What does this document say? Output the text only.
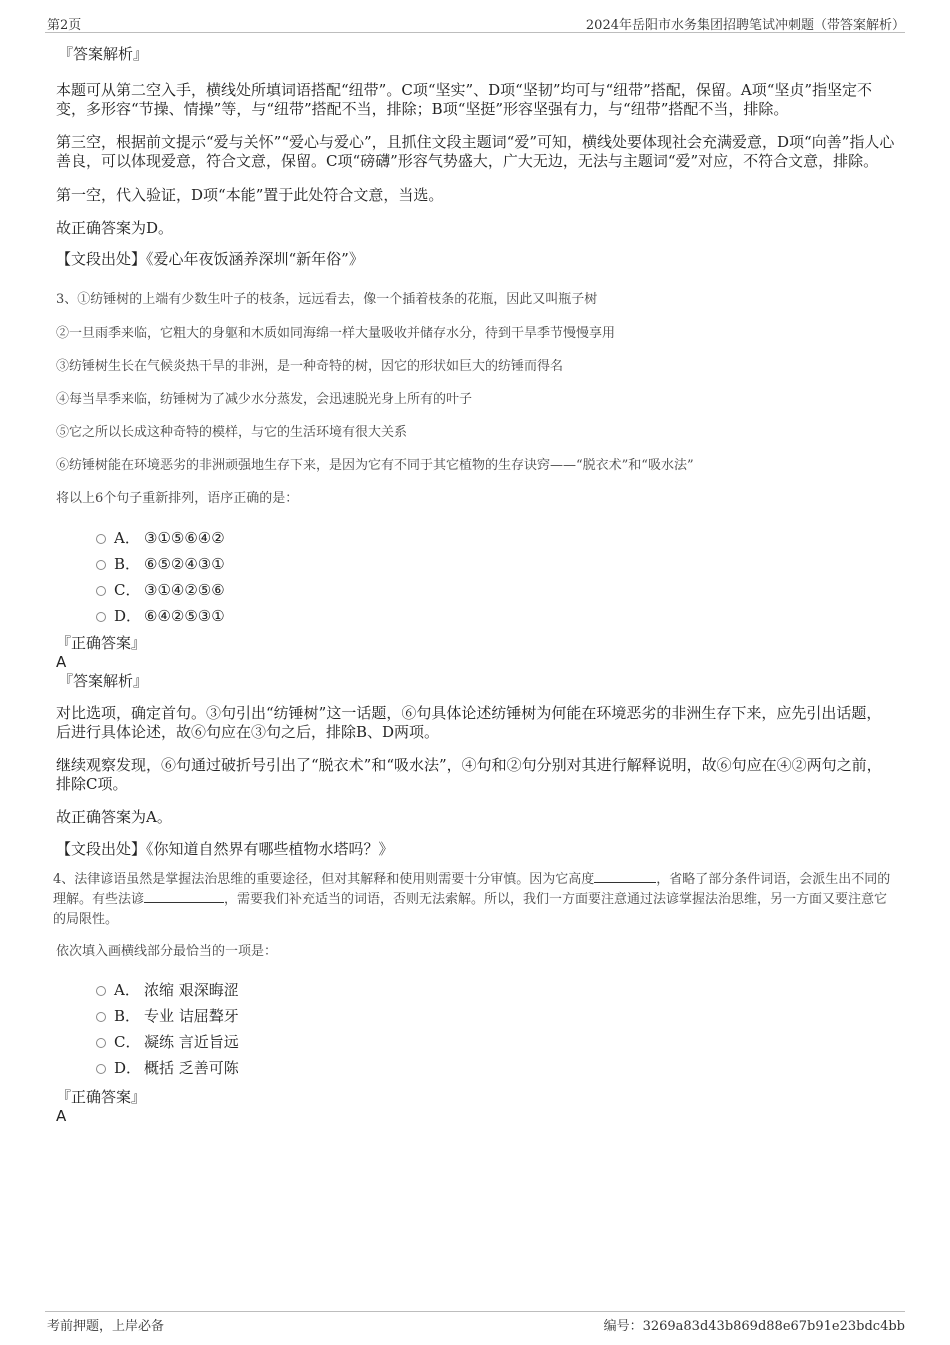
第2页	2024年岳阳市水务集团招聘笔试冲刺题（带答案解析）

『答案解析』

本题可从第二空入手，横线处所填词语搭配“纽带”。C项“坚实”、D项“坚韧”均可与“纽带”搭配，保留。A项“坚贞”指坚定不变，多形容“节操、情操”等，与“纽带”搭配不当，排除；B项“坚挺”形容坚强有力，与“纽带”搭配不当，排除。

第三空，根据前文提示“爱与关怀”“爱心与爱心”，且抓住文段主题词“爱”可知，横线处要体现社会充满爱意，D项“向善”指人心善良，可以体现爱意，符合文意，保留。C项“磅礴”形容气势盛大，广大无边，无法与主题词“爱”对应，不符合文意，排除。

第一空，代入验证，D项“本能”置于此处符合文意，当选。

故正确答案为D。

【文段出处】《爱心年夜饭涵养深圳“新年俗”》

3、①纺锤树的上端有少数生叶子的枝条，远远看去，像一个插着枝条的花瓶，因此又叫瓶子树

②一旦雨季来临，它粗大的身躯和木质如同海绵一样大量吸收并储存水分，待到干旱季节慢慢享用

③纺锤树生长在气候炎热干旱的非洲，是一种奇特的树，因它的形状如巨大的纺锤而得名

④每当旱季来临，纺锤树为了减少水分蒸发，会迅速脱光身上所有的叶子

⑤它之所以长成这种奇特的模样，与它的生活环境有很大关系

⑥纺锤树能在环境恶劣的非洲顽强地生存下来，是因为它有不同于其它植物的生存诀窍——“脱衣术”和“吸水法”

将以上6个句子重新排列，语序正确的是：

A． ③①⑤⑥④②
B． ⑥⑤②④③①
C． ③①④②⑤⑥
D． ⑥④②⑤③①

『正确答案』

A

『答案解析』

对比选项，确定首句。③句引出“纺锤树”这一话题，⑥句具体论述纺锤树为何能在环境恶劣的非洲生存下来，应先引出话题，后进行具体论述，故⑥句应在③句之后，排除B、D两项。

继续观察发现，⑥句通过破折号引出了“脱衣术”和“吸水法”，④句和②句分别对其进行解释说明，故⑥句应在④②两句之前，排除C项。

故正确答案为A。

【文段出处】《你知道自然界有哪些植物水塔吗？》

4、法律谚语虽然是掌握法治思维的重要途径，但对其解释和使用则需要十分审慎。因为它高度	，省略了部分条件词语，会派生出不同的理解。有些法谚	，需要我们补充适当的词语，否则无法索解。所以，我们一方面要注意通过法谚掌握法治思维，另一方面又要注意它的局限性。

依次填入画横线部分最恰当的一项是：

A． 浓缩 艰深晦涩
B． 专业 诘屈聱牙
C． 凝练 言近旨远
D． 概括 乏善可陈

『正确答案』

A

考前押题，上岸必备	编号：3269a83d43b869d88e67b91e23bdc4bb
